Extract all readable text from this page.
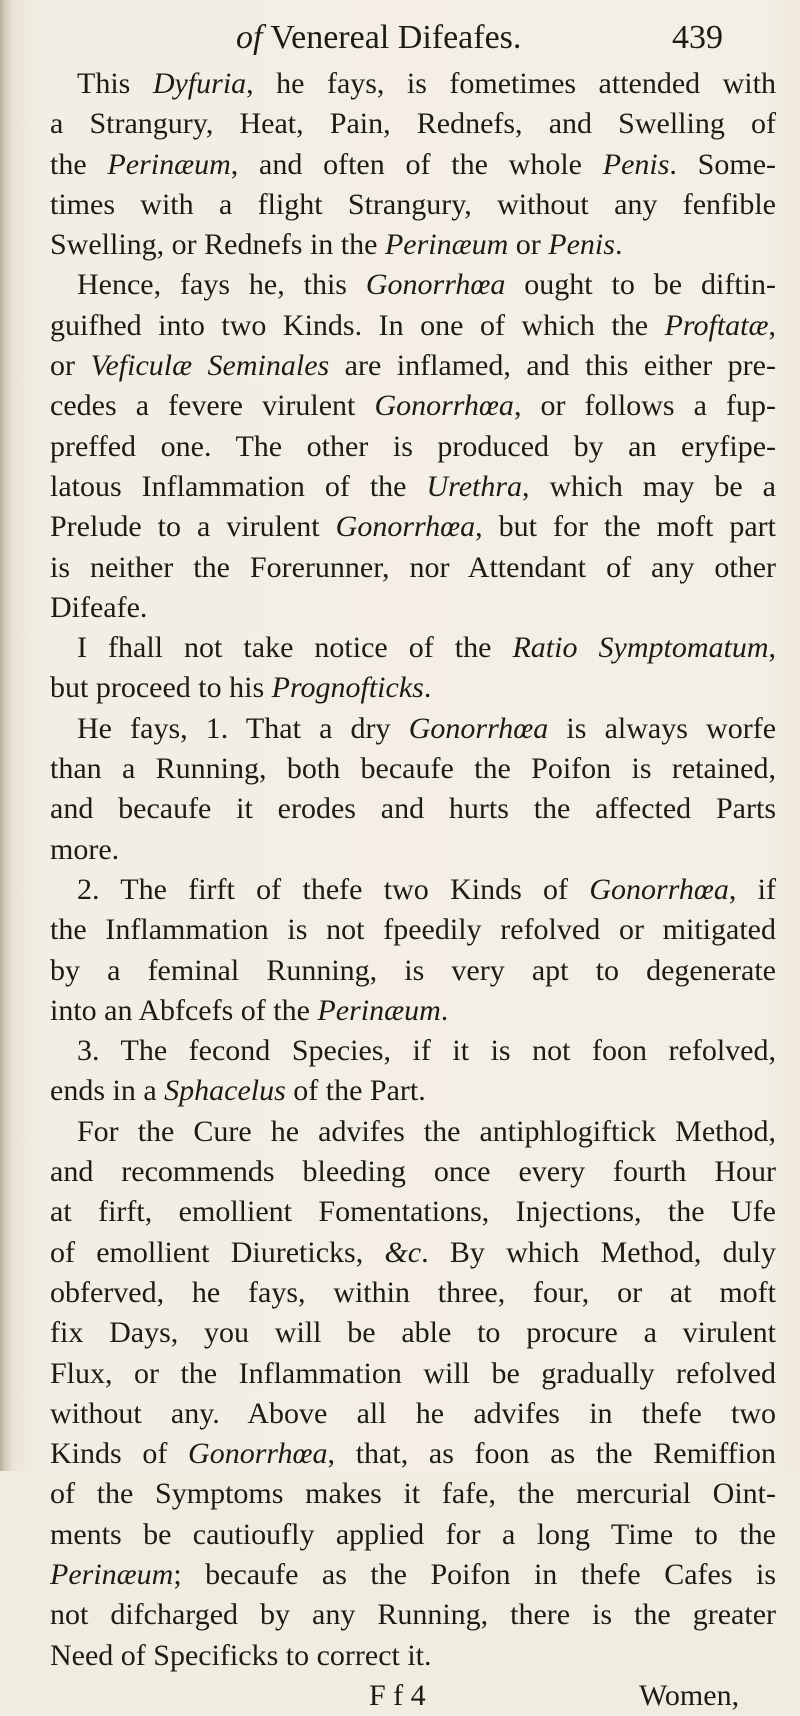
of Venereal Difeafes.	439
This Dyfuria, he fays, is fometimes attended with
a Strangury, Heat, Pain, Rednefs, and Swelling of
the Perinæum, and often of the whole Penis. Some-
times with a flight Strangury, without any fenfible
Swelling, or Rednefs in the Perinæum or Penis.
Hence, fays he, this Gonorrhœa ought to be diftin-
guifhed into two Kinds. In one of which the Proftatæ,
or Veficulæ Seminales are inflamed, and this either pre-
cedes a fevere virulent Gonorrhœa, or follows a fup-
preffed one. The other is produced by an eryfipe-
latous Inflammation of the Urethra, which may be a
Prelude to a virulent Gonorrhœa, but for the moft part
is neither the Forerunner, nor Attendant of any other
Difeafe.
I fhall not take notice of the Ratio Symptomatum,
but proceed to his Prognofticks.
He fays, 1. That a dry Gonorrhœa is always worfe
than a Running, both becaufe the Poifon is retained,
and becaufe it erodes and hurts the affected Parts
more.
2. The firft of thefe two Kinds of Gonorrhœa, if
the Inflammation is not fpeedily refolved or mitigated
by a feminal Running, is very apt to degenerate
into an Abfcefs of the Perinæum.
3. The fecond Species, if it is not foon refolved,
ends in a Sphacelus of the Part.
For the Cure he advifes the antiphlogiftick Method,
and recommends bleeding once every fourth Hour
at firft, emollient Fomentations, Injections, the Ufe
of emollient Diureticks, &c. By which Method, duly
obferved, he fays, within three, four, or at moft
fix Days, you will be able to procure a virulent
Flux, or the Inflammation will be gradually refolved
without any. Above all he advifes in thefe two
Kinds of Gonorrhœa, that, as foon as the Remiffion
of the Symptoms makes it fafe, the mercurial Oint-
ments be cautioufly applied for a long Time to the
Perinæum; becaufe as the Poifon in thefe Cafes is
not difcharged by any Running, there is the greater
Need of Specificks to correct it.
F f 4	Women,
